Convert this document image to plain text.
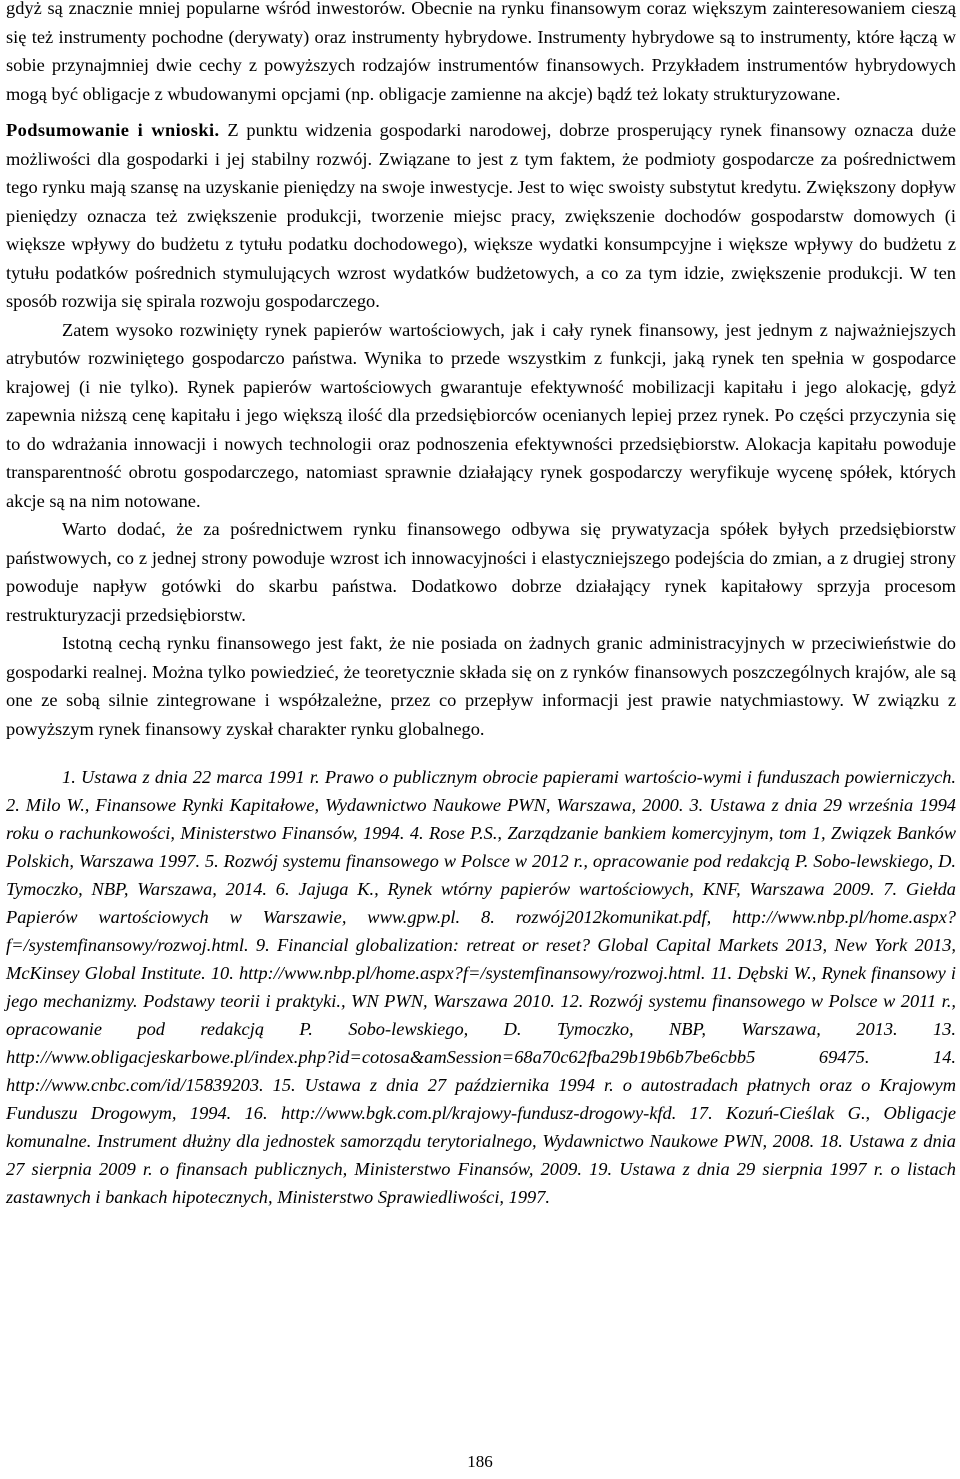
gdyż są znacznie mniej popularne wśród inwestorów. Obecnie na rynku finansowym coraz większym zainteresowaniem cieszą się też instrumenty pochodne (derywaty) oraz instrumenty hybrydowe. Instrumenty hybrydowe są to instrumenty, które łączą w sobie przynajmniej dwie cechy z powyższych rodzajów instrumentów finansowych. Przykładem instrumentów hybrydowych mogą być obligacje z wbudowanymi opcjami (np. obligacje zamienne na akcje) bądź też lokaty strukturyzowane.

Podsumowanie i wnioski. Z punktu widzenia gospodarki narodowej, dobrze prosperujący rynek finansowy oznacza duże możliwości dla gospodarki i jej stabilny rozwój. Związane to jest z tym faktem, że podmioty gospodarcze za pośrednictwem tego rynku mają szansę na uzyskanie pieniędzy na swoje inwestycje. Jest to więc swoisty substytut kredytu. Zwiększony dopływ pieniędzy oznacza też zwiększenie produkcji, tworzenie miejsc pracy, zwiększenie dochodów gospodarstw domowych (i większe wpływy do budżetu z tytułu podatku dochodowego), większe wydatki konsumpcyjne i większe wpływy do budżetu z tytułu podatków pośrednich stymulujących wzrost wydatków budżetowych, a co za tym idzie, zwiększenie produkcji. W ten sposób rozwija się spirala rozwoju gospodarczego.

Zatem wysoko rozwinięty rynek papierów wartościowych, jak i cały rynek finansowy, jest jednym z najważniejszych atrybutów rozwiniętego gospodarczo państwa. Wynika to przede wszystkim z funkcji, jaką rynek ten spełnia w gospodarce krajowej (i nie tylko). Rynek papierów wartościowych gwarantuje efektywność mobilizacji kapitału i jego alokację, gdyż zapewnia niższą cenę kapitału i jego większą ilość dla przedsiębiorców ocenianych lepiej przez rynek. Po części przyczynia się to do wdrażania innowacji i nowych technologii oraz podnoszenia efektywności przedsiębiorstw. Alokacja kapitału powoduje transparentność obrotu gospodarczego, natomiast sprawnie działający rynek gospodarczy weryfikuje wycenę spółek, których akcje są na nim notowane.

Warto dodać, że za pośrednictwem rynku finansowego odbywa się prywatyzacja spółek byłych przedsiębiorstw państwowych, co z jednej strony powoduje wzrost ich innowacyjności i elastyczniejszego podejścia do zmian, a z drugiej strony powoduje napływ gotówki do skarbu państwa. Dodatkowo dobrze działający rynek kapitałowy sprzyja procesom restrukturyzacji przedsiębiorstw.

Istotną cechą rynku finansowego jest fakt, że nie posiada on żadnych granic administracyjnych w przeciwieństwie do gospodarki realnej. Można tylko powiedzieć, że teoretycznie składa się on z rynków finansowych poszczególnych krajów, ale są one ze sobą silnie zintegrowane i współzależne, przez co przepływ informacji jest prawie natychmiastowy. W związku z powyższym rynek finansowy zyskał charakter rynku globalnego.

1. Ustawa z dnia 22 marca 1991 r. Prawo o publicznym obrocie papierami wartościo-wymi i funduszach powierniczych. 2. Milo W., Finansowe Rynki Kapitałowe, Wydawnictwo Naukowe PWN, Warszawa, 2000. 3. Ustawa z dnia 29 września 1994 roku o rachunkowości, Ministerstwo Finansów, 1994. 4. Rose P.S., Zarządzanie bankiem komercyjnym, tom 1, Związek Banków Polskich, Warszawa 1997. 5. Rozwój systemu finansowego w Polsce w 2012 r., opracowanie pod redakcją P. Sobo-lewskiego, D. Tymoczko, NBP, Warszawa, 2014. 6. Jajuga K., Rynek wtórny papierów wartościowych, KNF, Warszawa 2009. 7. Giełda Papierów wartościowych w Warszawie, www.gpw.pl. 8. rozwój2012komunikat.pdf, http://www.nbp.pl/home.aspx?f=/systemfinansowy/rozwoj.html. 9. Financial globalization: retreat or reset? Global Capital Markets 2013, New York 2013, McKinsey Global Institute. 10. http://www.nbp.pl/home.aspx?f=/systemfinansowy/rozwoj.html. 11. Dębski W., Rynek finansowy i jego mechanizmy. Podstawy teorii i praktyki., WN PWN, Warszawa 2010. 12. Rozwój systemu finansowego w Polsce w 2011 r., opracowanie pod redakcją P. Sobo-lewskiego, D. Tymoczko, NBP, Warszawa, 2013. 13. http://www.obligacjeskarbowe.pl/index.php?id=cotosa&amSession=68a70c62fba29b19b6b7be6cbb5 69475. 14. http://www.cnbc.com/id/15839203. 15. Ustawa z dnia 27 października 1994 r. o autostradach płatnych oraz o Krajowym Funduszu Drogowym, 1994. 16. http://www.bgk.com.pl/krajowy-fundusz-drogowy-kfd. 17. Kozuń-Cieślak G., Obligacje komunalne. Instrument dłużny dla jednostek samorządu terytorialnego, Wydawnictwo Naukowe PWN, 2008. 18. Ustawa z dnia 27 sierpnia 2009 r. o finansach publicznych, Ministerstwo Finansów, 2009. 19. Ustawa z dnia 29 sierpnia 1997 r. o listach zastawnych i bankach hipotecznych, Ministerstwo Sprawiedliwości, 1997.

186
